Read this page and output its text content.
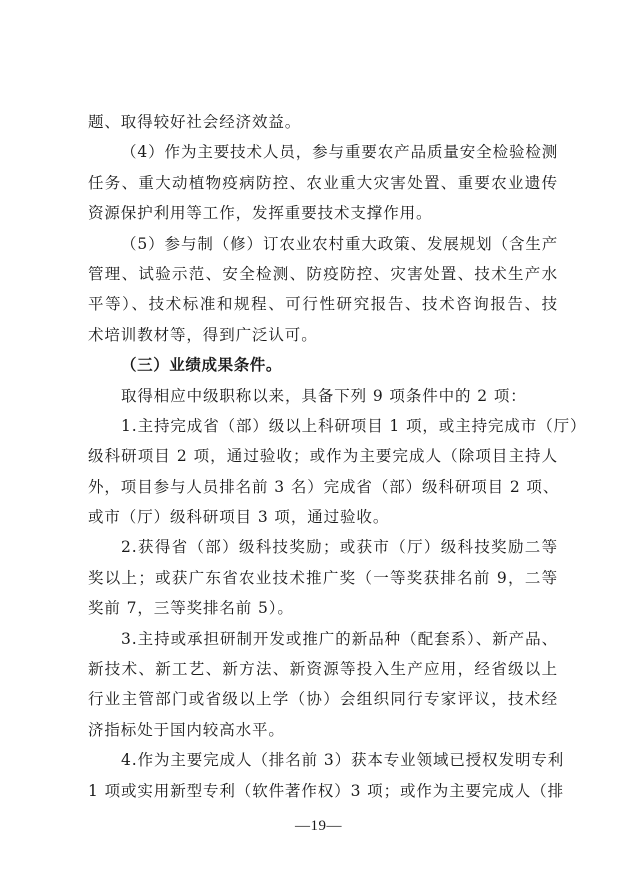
题、取得较好社会经济效益。
（4）作为主要技术人员，参与重要农产品质量安全检验检测
任务、重大动植物疫病防控、农业重大灾害处置、重要农业遗传
资源保护利用等工作，发挥重要技术支撑作用。
（5）参与制（修）订农业农村重大政策、发展规划（含生产
管理、试验示范、安全检测、防疫防控、灾害处置、技术生产水
平等）、技术标准和规程、可行性研究报告、技术咨询报告、技
术培训教材等，得到广泛认可。
（三）业绩成果条件。
取得相应中级职称以来，具备下列 9 项条件中的 2 项：
1.主持完成省（部）级以上科研项目 1 项，或主持完成市（厅）
级科研项目 2 项，通过验收；或作为主要完成人（除项目主持人
外，项目参与人员排名前 3 名）完成省（部）级科研项目 2 项、
或市（厅）级科研项目 3 项，通过验收。
2.获得省（部）级科技奖励；或获市（厅）级科技奖励二等
奖以上；或获广东省农业技术推广奖（一等奖获排名前 9，二等
奖前 7，三等奖排名前 5）。
3.主持或承担研制开发或推广的新品种（配套系）、新产品、
新技术、新工艺、新方法、新资源等投入生产应用，经省级以上
行业主管部门或省级以上学（协）会组织同行专家评议，技术经
济指标处于国内较高水平。
4.作为主要完成人（排名前 3）获本专业领域已授权发明专利
1 项或实用新型专利（软件著作权）3 项；或作为主要完成人（排
—19—
